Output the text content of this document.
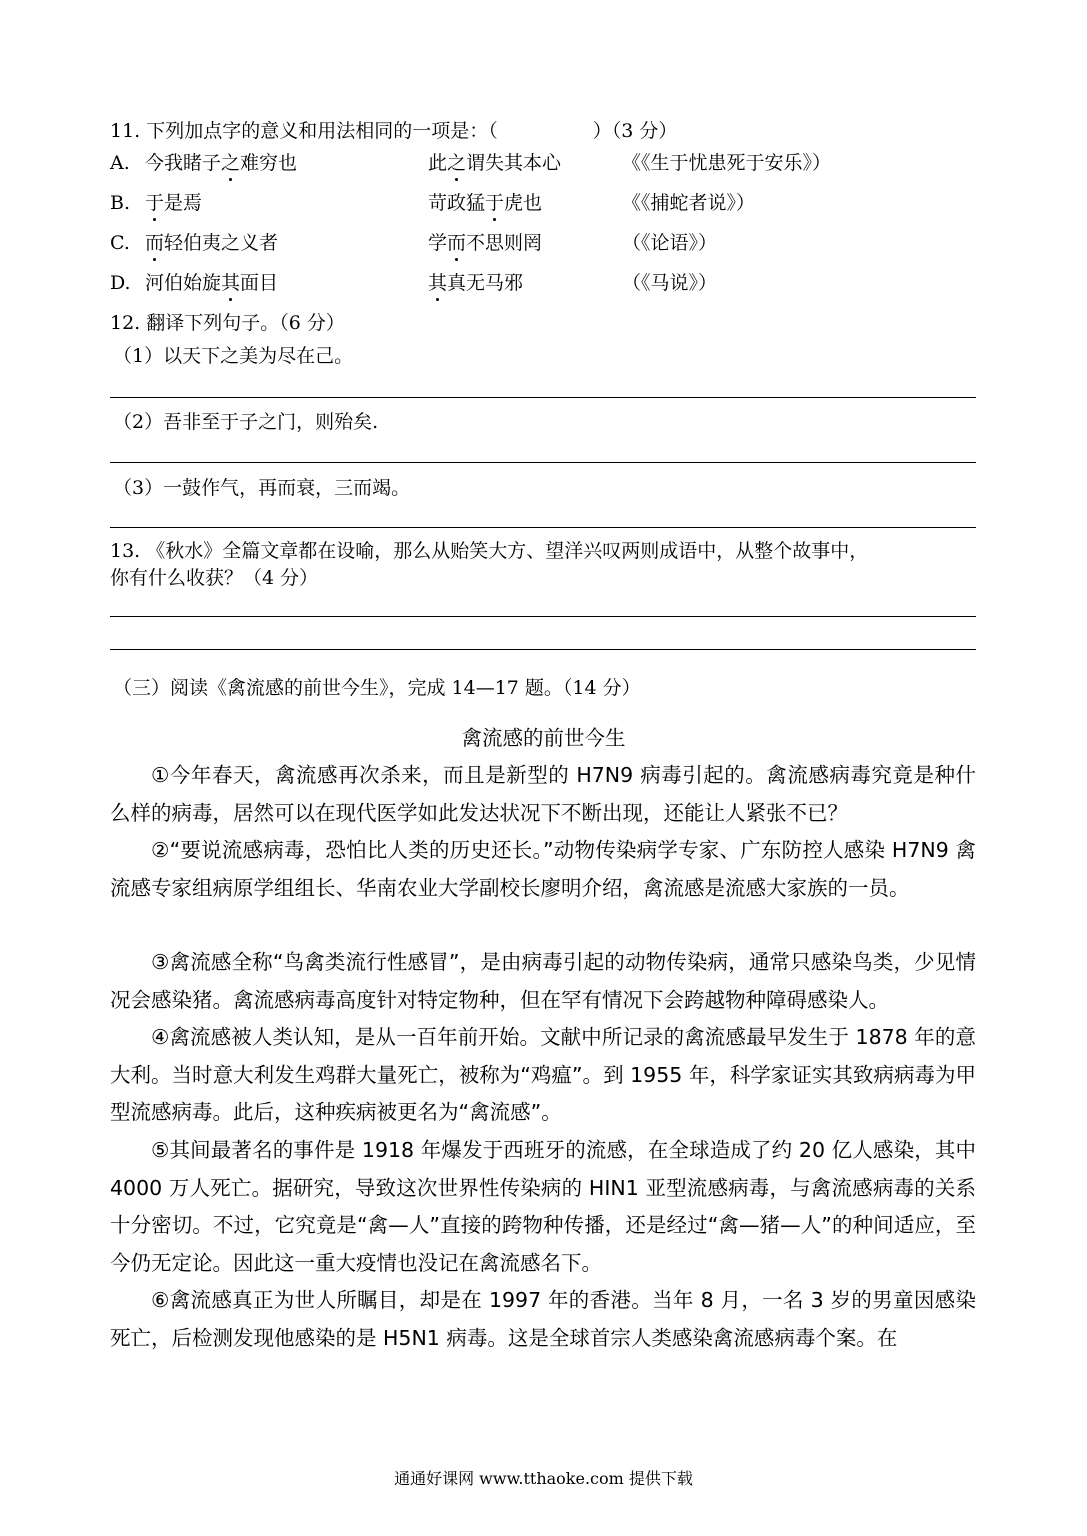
11. 下列加点字的意义和用法相同的一项是：（　　　　　）（3 分）
A. 今我睹子之难穷也	此之谓失其本心	《《生于忧患死于安乐》）
B. 于是焉	苛政猛于虎也	《《捕蛇者说》）
C. 而轻伯夷之义者	学而不思则罔	（《论语》）
D. 河伯始旋其面目	其真无马邪	（《马说》）
12. 翻译下列句子。（6 分）
（1）以天下之美为尽在己。
（2）吾非至于子之门，则殆矣.
（3）一鼓作气，再而衰，三而竭。
13. 《秋水》全篇文章都在设喻，那么从贻笑大方、望洋兴叹两则成语中，从整个故事中，
你有什么收获？（4 分）
（三）阅读《禽流感的前世今生》，完成 14—17 题。（14 分）
禽流感的前世今生
①今年春天，禽流感再次杀来，而且是新型的 H7N9 病毒引起的。禽流感病毒究竟是种什么样的病毒，居然可以在现代医学如此发达状况下不断出现，还能让人紧张不已？
②“要说流感病毒，恐怕比人类的历史还长。”动物传染病学专家、广东防控人感染 H7N9 禽流感专家组病原学组组长、华南农业大学副校长廖明介绍，禽流感是流感大家族的一员。
③禽流感全称“鸟禽类流行性感冒”，是由病毒引起的动物传染病，通常只感染鸟类，少见情况会感染猪。禽流感病毒高度针对特定物种，但在罕有情况下会跨越物种障碍感染人。
④禽流感被人类认知，是从一百年前开始。文献中所记录的禽流感最早发生于 1878 年的意大利。当时意大利发生鸡群大量死亡，被称为“鸡瘟”。到 1955 年，科学家证实其致病病毒为甲型流感病毒。此后，这种疾病被更名为“禽流感”。
⑤其间最著名的事件是 1918 年爆发于西班牙的流感，在全球造成了约 20 亿人感染，其中 4000 万人死亡。据研究，导致这次世界性传染病的 HIN1 亚型流感病毒，与禽流感病毒的关系十分密切。不过，它究竟是“禽—人”直接的跨物种传播，还是经过“禽—猪—人”的种间适应，至今仍无定论。因此这一重大疫情也没记在禽流感名下。
⑥禽流感真正为世人所瞩目，却是在 1997 年的香港。当年 8 月，一名 3 岁的男童因感染死亡，后检测发现他感染的是 H5N1 病毒。这是全球首宗人类感染禽流感病毒个案。在
通通好课网 www.tthaoke.com 提供下载
